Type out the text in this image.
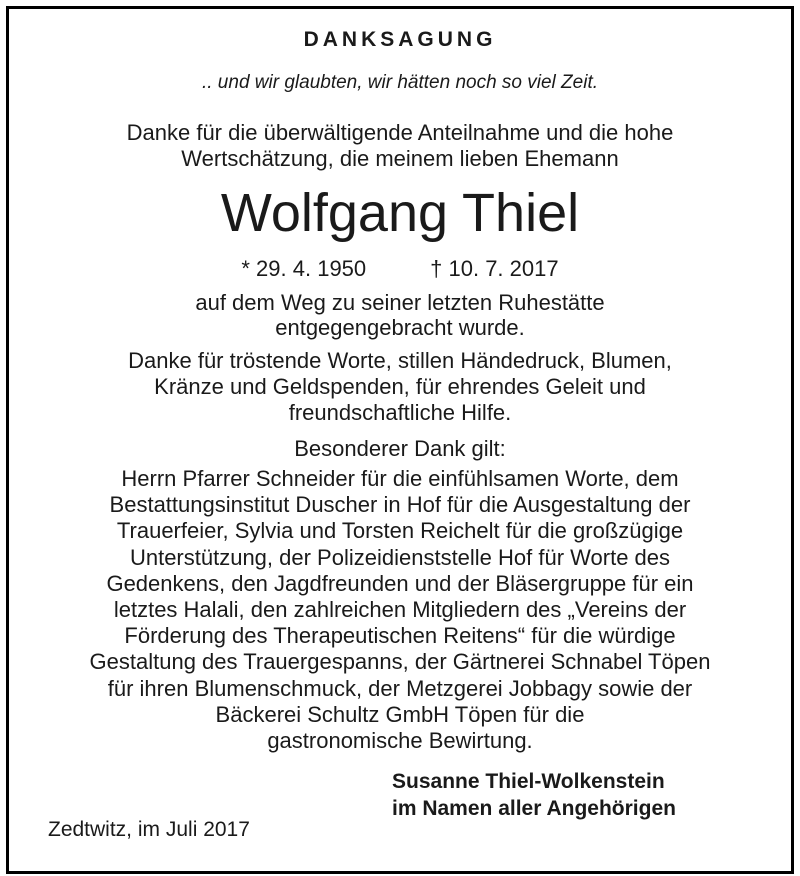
DANKSAGUNG
.. und wir glaubten, wir hätten noch so viel Zeit.
Danke für die überwältigende Anteilnahme und die hohe
Wertschätzung, die meinem lieben Ehemann
Wolfgang Thiel
* 29. 4. 1950	† 10. 7. 2017
auf dem Weg zu seiner letzten Ruhestätte
entgegengebracht wurde.
Danke für tröstende Worte, stillen Händedruck, Blumen,
Kränze und Geldspenden, für ehrendes Geleit und
freundschaftliche Hilfe.
Besonderer Dank gilt:
Herrn Pfarrer Schneider für die einfühlsamen Worte, dem
Bestattungsinstitut Duscher in Hof für die Ausgestaltung der
Trauerfeier, Sylvia und Torsten Reichelt für die großzügige
Unterstützung, der Polizeidienststelle Hof für Worte des
Gedenkens, den Jagdfreunden und der Bläsergruppe für ein
letztes Halali, den zahlreichen Mitgliedern des „Vereins der
Förderung des Therapeutischen Reitens“ für die würdige
Gestaltung des Trauergespanns, der Gärtnerei Schnabel Töpen
für ihren Blumenschmuck, der Metzgerei Jobbagy sowie der
Bäckerei Schultz GmbH Töpen für die
gastronomische Bewirtung.
Susanne Thiel-Wolkenstein
im Namen aller Angehörigen
Zedtwitz, im Juli 2017
